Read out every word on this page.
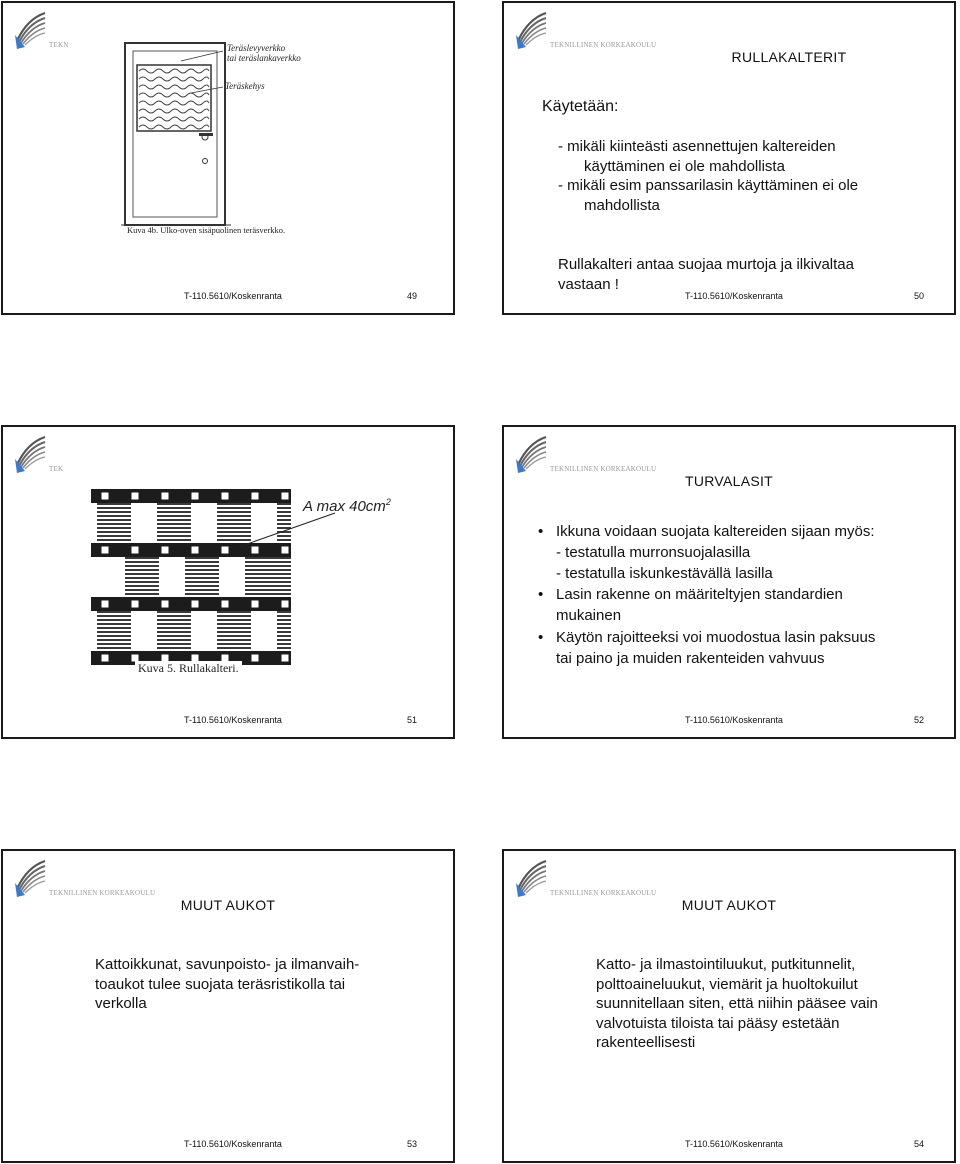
TEKN	Teräslevyverkko
tai teräslankaverkko
Teräskehys
Kuva 4b. Ulko-oven sisäpuolinen teräsverkko.
T-110.5610/Koskenranta	49
TEKNILLINEN KORKEAKOULU
RULLAKALTERIT
Käytetään:
- mikäli kiinteästi asennettujen kaltereiden
käyttäminen ei ole mahdollista
- mikäli esim panssarilasin käyttäminen ei ole
mahdollista
Rullakalteri antaa suojaa murtoja ja ilkivaltaa
vastaan !
T-110.5610/Koskenranta	50
TEK
A $\max 40cm^2$
Kuva 5. Rullakalteri.
T-110.5610/Koskenranta	51
TEKNILLINEN KORKEAKOULU
TURVALASIT
• Ikkuna voidaan suojata kaltereiden sijaan myös:
- testatulla murronsuojalasilla
- testatulla iskunkestävällä lasilla
• Lasin rakenne on määriteltyjen standardien
mukainen
• Käytön rajoitteeksi voi muodostua lasin paksuus
tai paino ja muiden rakenteiden vahvuus
T-110.5610/Koskenranta	52
TEKNILLINEN KORKEAKOULU
MUUT AUKOT
Kattoikkunat, savunpoisto- ja ilmanvaih-
toaukot tulee suojata teräsristikolla tai
verkolla
T-110.5610/Koskenranta	53
TEKNILLINEN KORKEAKOULU
MUUT AUKOT
Katto- ja ilmastointiluukut, putkitunnelit,
polttoaineluukut, viemärit ja huoltokuilut
suunnitellaan siten, että niihin pääsee vain
valvotuista tiloista tai pääsy estetään
rakenteellisesti
T-110.5610/Koskenranta	54
